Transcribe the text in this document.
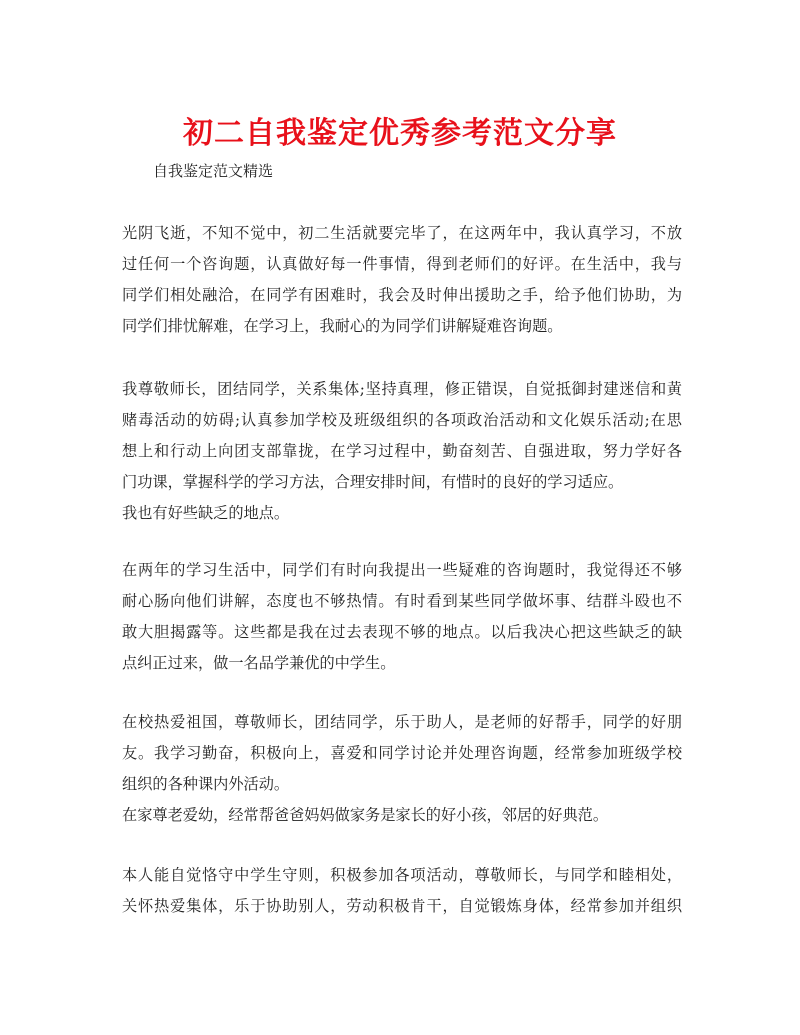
初二自我鉴定优秀参考范文分享

自我鉴定范文精选

光阴飞逝，不知不觉中，初二生活就要完毕了，在这两年中，我认真学习，不放
过任何一个咨询题，认真做好每一件事情，得到老师们的好评。在生活中，我与
同学们相处融洽，在同学有困难时，我会及时伸出援助之手，给予他们协助，为
同学们排忧解难，在学习上，我耐心的为同学们讲解疑难咨询题。
我尊敬师长，团结同学，关系集体;坚持真理，修正错误，自觉抵御封建迷信和黄
赌毒活动的妨碍;认真参加学校及班级组织的各项政治活动和文化娱乐活动;在思
想上和行动上向团支部靠拢，在学习过程中，勤奋刻苦、自强进取，努力学好各
门功课，掌握科学的学习方法，合理安排时间，有惜时的良好的学习适应。
我也有好些缺乏的地点。
在两年的学习生活中，同学们有时向我提出一些疑难的咨询题时，我觉得还不够
耐心肠向他们讲解，态度也不够热情。有时看到某些同学做坏事、结群斗殴也不
敢大胆揭露等。这些都是我在过去表现不够的地点。以后我决心把这些缺乏的缺
点纠正过来，做一名品学兼优的中学生。
在校热爱祖国，尊敬师长，团结同学，乐于助人，是老师的好帮手，同学的好朋
友。我学习勤奋，积极向上，喜爱和同学讨论并处理咨询题，经常参加班级学校
组织的各种课内外活动。
在家尊老爱幼，经常帮爸爸妈妈做家务是家长的好小孩，邻居的好典范。
本人能自觉恪守中学生守则，积极参加各项活动，尊敬师长，与同学和睦相处，
关怀热爱集体，乐于协助别人，劳动积极肯干，自觉锻炼身体，经常参加并组织
